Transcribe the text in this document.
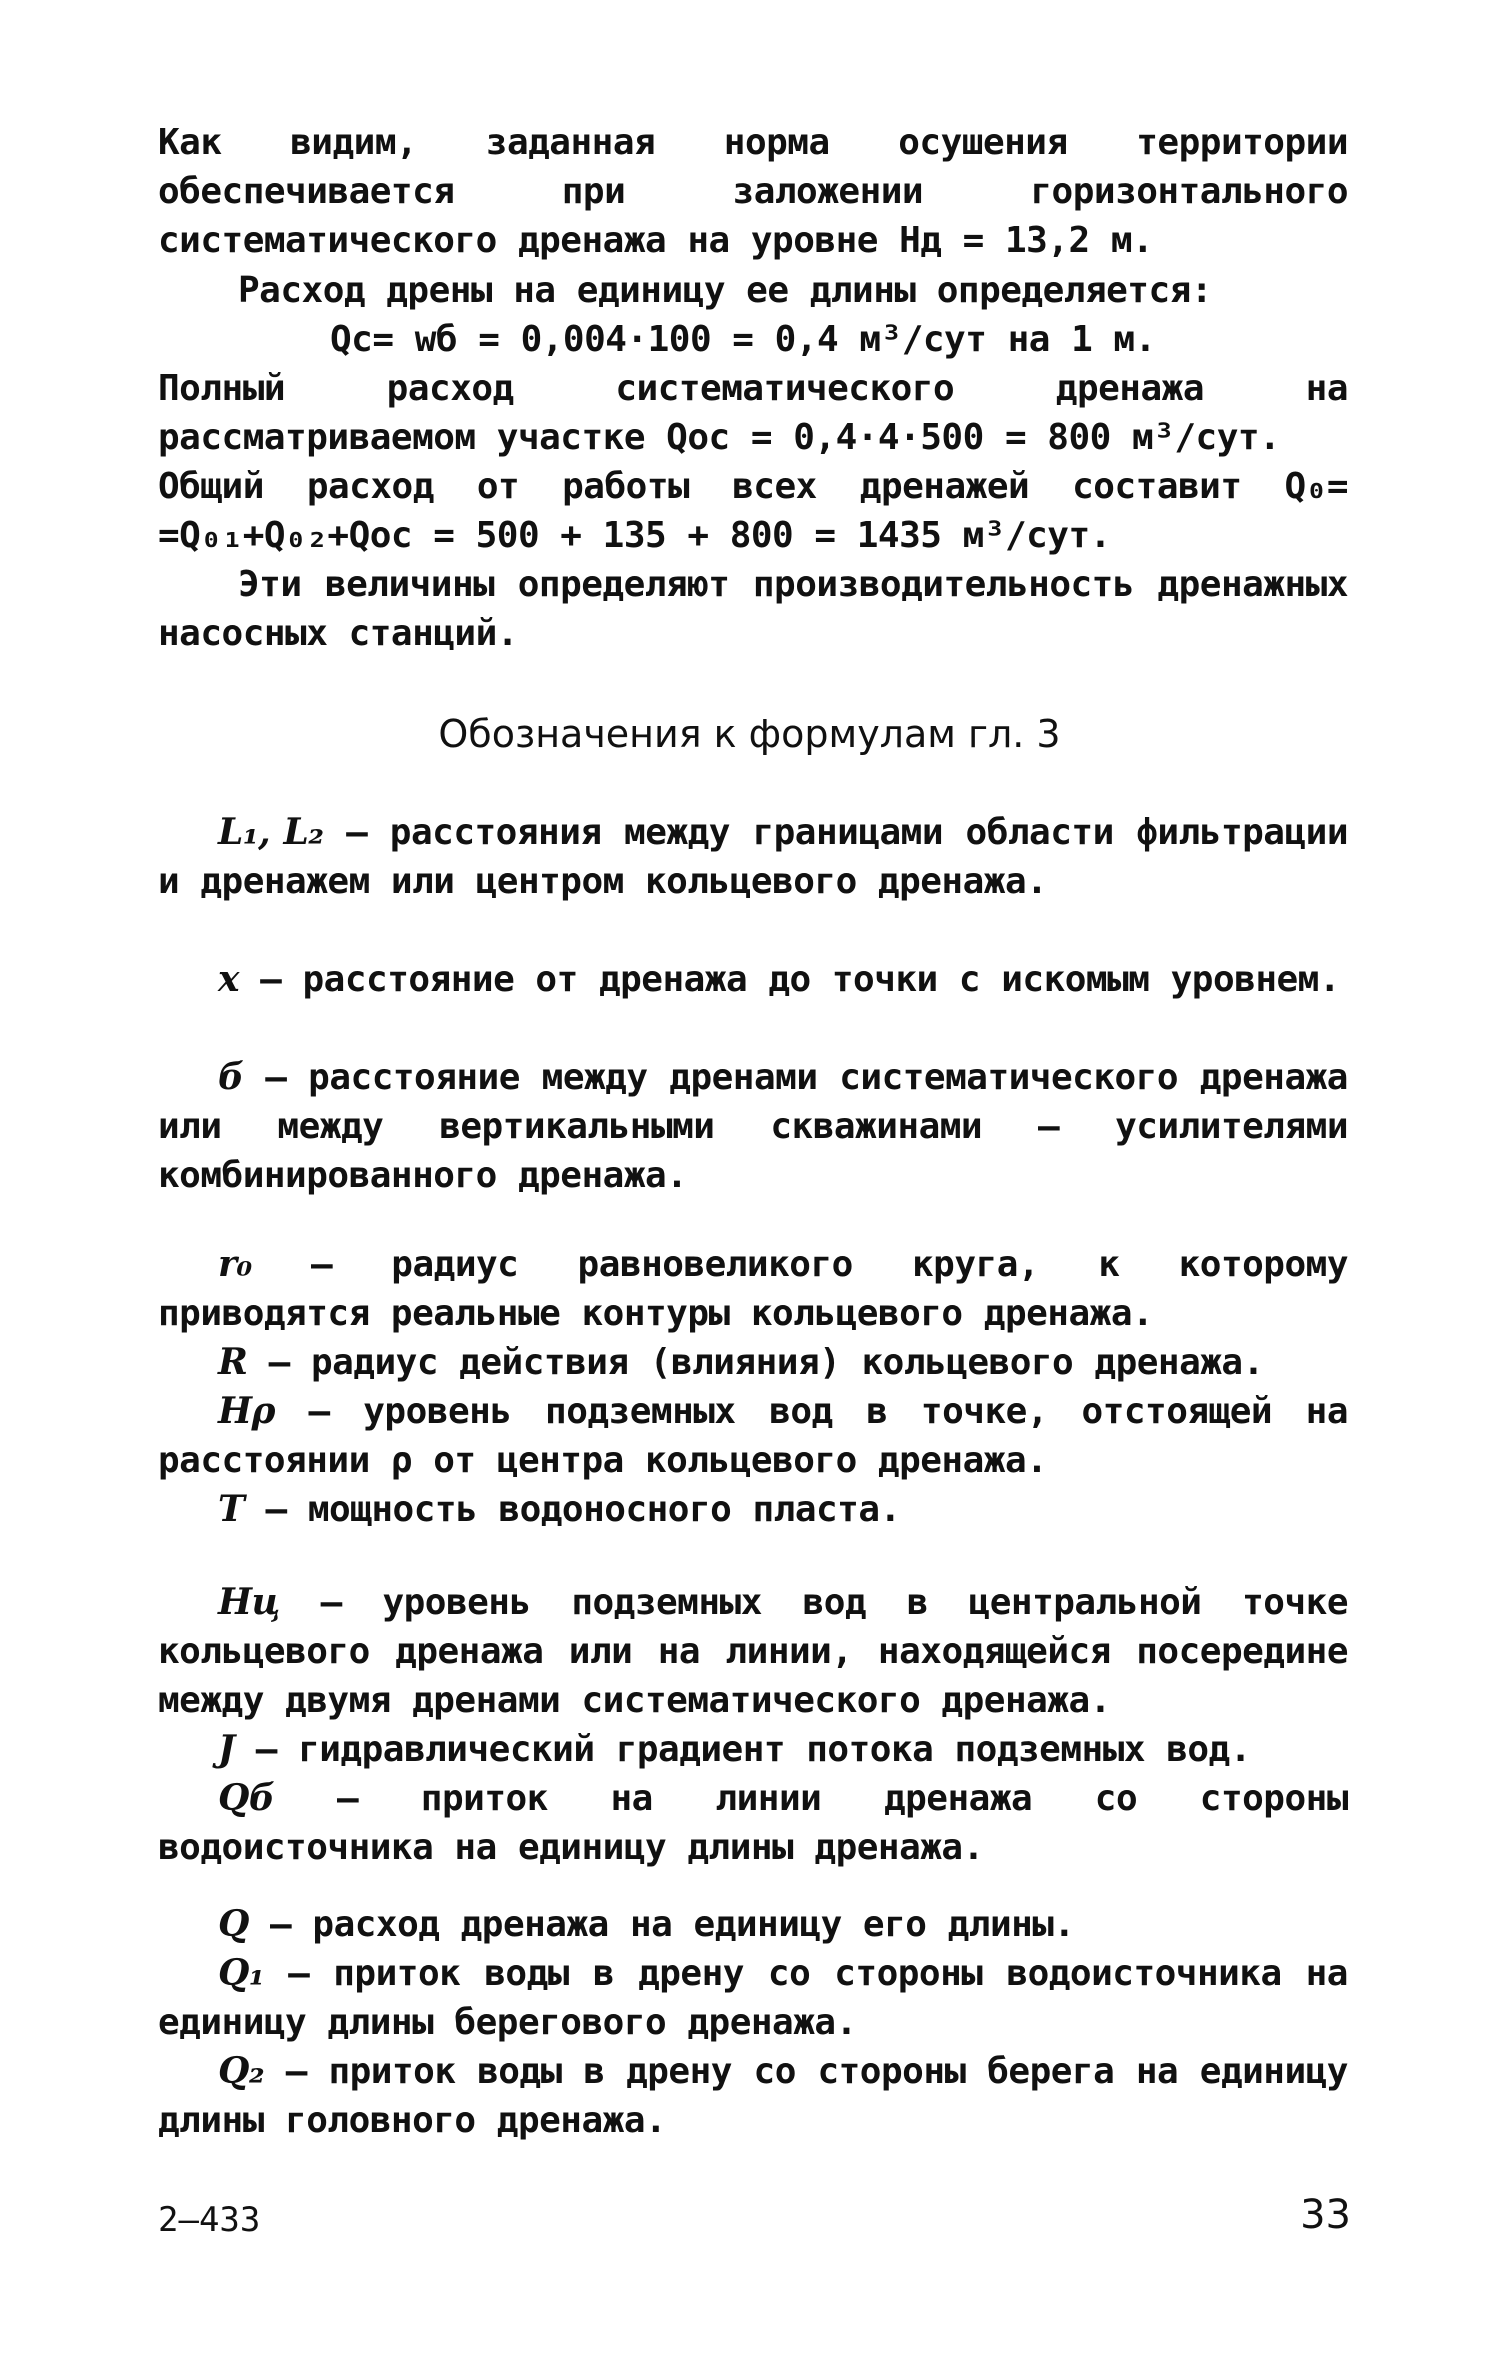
Как видим, заданная норма осушения территории обеспечивается при заложении горизонтального систематического дренажа на уровне Hд = 13,2 м.
Расход дрены на единицу ее длины определяется:
Qс= wб = 0,004·100 = 0,4 м³/сут на 1 м.
Полный расход систематического дренажа на рассматриваемом участке Qос = 0,4·4·500 = 800 м³/сут.
Общий расход от работы всех дренажей составит Q₀= =Q₀₁+Q₀₂+Qос = 500 + 135 + 800 = 1435 м³/сут.
Эти величины определяют производительность дренажных насосных станций.
Обозначения к формулам гл. 3
L₁, L₂ – расстояния между границами области фильтрации и дренажем или центром кольцевого дренажа.
x – расстояние от дренажа до точки с искомым уровнем.
б – расстояние между дренами систематического дренажа или между вертикальными скважинами – усилителями комбинированного дренажа.
r₀ – радиус равновеликого круга, к которому приводятся реальные контуры кольцевого дренажа.
R – радиус действия (влияния) кольцевого дренажа.
Hρ – уровень подземных вод в точке, отстоящей на расстоянии ρ от центра кольцевого дренажа.
T – мощность водоносного пласта.
Hц – уровень подземных вод в центральной точке кольцевого дренажа или на линии, находящейся посередине между двумя дренами систематического дренажа.
J – гидравлический градиент потока подземных вод.
Qб – приток на линии дренажа со стороны водоисточника на единицу длины дренажа.
Q – расход дренажа на единицу его длины.
Q₁ – приток воды в дрену со стороны водоисточника на единицу длины берегового дренажа.
Q₂ – приток воды в дрену со стороны берега на единицу длины головного дренажа.
2–433	33
